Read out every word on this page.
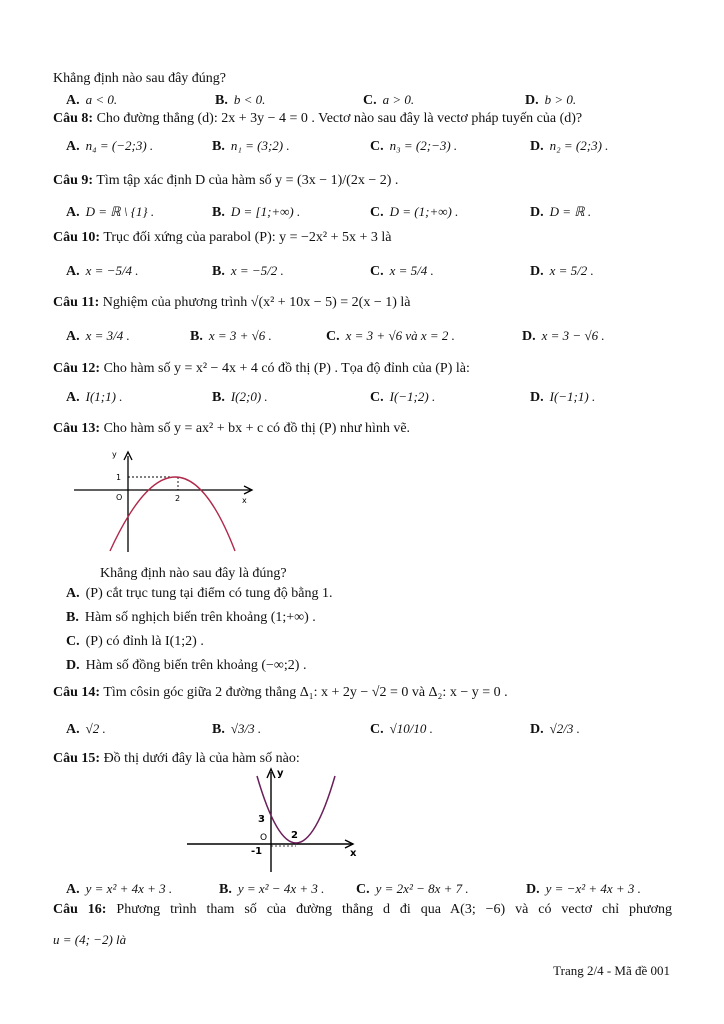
Khẳng định nào sau đây đúng?
A. a < 0.	B. b < 0.	C. a > 0.	D. b > 0.
Câu 8: Cho đường thẳng (d): 2x + 3y − 4 = 0 . Vectơ nào sau đây là vectơ pháp tuyến của (d)?
A. n₄ = (−2;3) .	B. n₁ = (3;2) .	C. n₃ = (2;−3) .	D. n₂ = (2;3) .
Câu 9: Tìm tập xác định D của hàm số y = (3x − 1)/(2x − 2) .
A. D = ℝ \ {1} .	B. D = [1;+∞) .	C. D = (1;+∞) .	D. D = ℝ .
Câu 10: Trục đối xứng của parabol (P): y = −2x² + 5x + 3 là
A. x = −5/4 .	B. x = −5/2 .	C. x = 5/4 .	D. x = 5/2 .
Câu 11: Nghiệm của phương trình √(x² + 10x − 5) = 2(x − 1) là
A. x = 3/4 .	B. x = 3 + √6 .	C. x = 3 + √6 và x = 2 .	D. x = 3 − √6 .
Câu 12: Cho hàm số y = x² − 4x + 4 có đồ thị (P) . Tọa độ đỉnh của (P) là:
A. I(1;1) .	B. I(2;0) .	C. I(−1;2) .	D. I(−1;1) .
Câu 13: Cho hàm số y = ax² + bx + c có đồ thị (P) như hình vẽ.
y
1
O	2	x
Khẳng định nào sau đây là đúng?
A. (P) cắt trục tung tại điểm có tung độ bằng 1.
B. Hàm số nghịch biến trên khoảng (1;+∞) .
C. (P) có đỉnh là I(1;2) .
D. Hàm số đồng biến trên khoảng (−∞;2) .
Câu 14: Tìm côsin góc giữa 2 đường thẳng Δ₁: x + 2y − √2 = 0 và Δ₂: x − y = 0 .
A. √2 .	B. √3/3 .	C. √10/10 .	D. √2/3 .
Câu 15: Đồ thị dưới đây là của hàm số nào:
y
3
O 2
-1	x
A. y = x² + 4x + 3 .	B. y = x² − 4x + 3 . C. y = 2x² − 8x + 7 .	D. y = −x² + 4x + 3 .
Câu 16: Phương trình tham số của đường thẳng d đi qua A(3; −6) và có vectơ chỉ phương
u = (4; −2) là
Trang 2/4 - Mã đề 001
